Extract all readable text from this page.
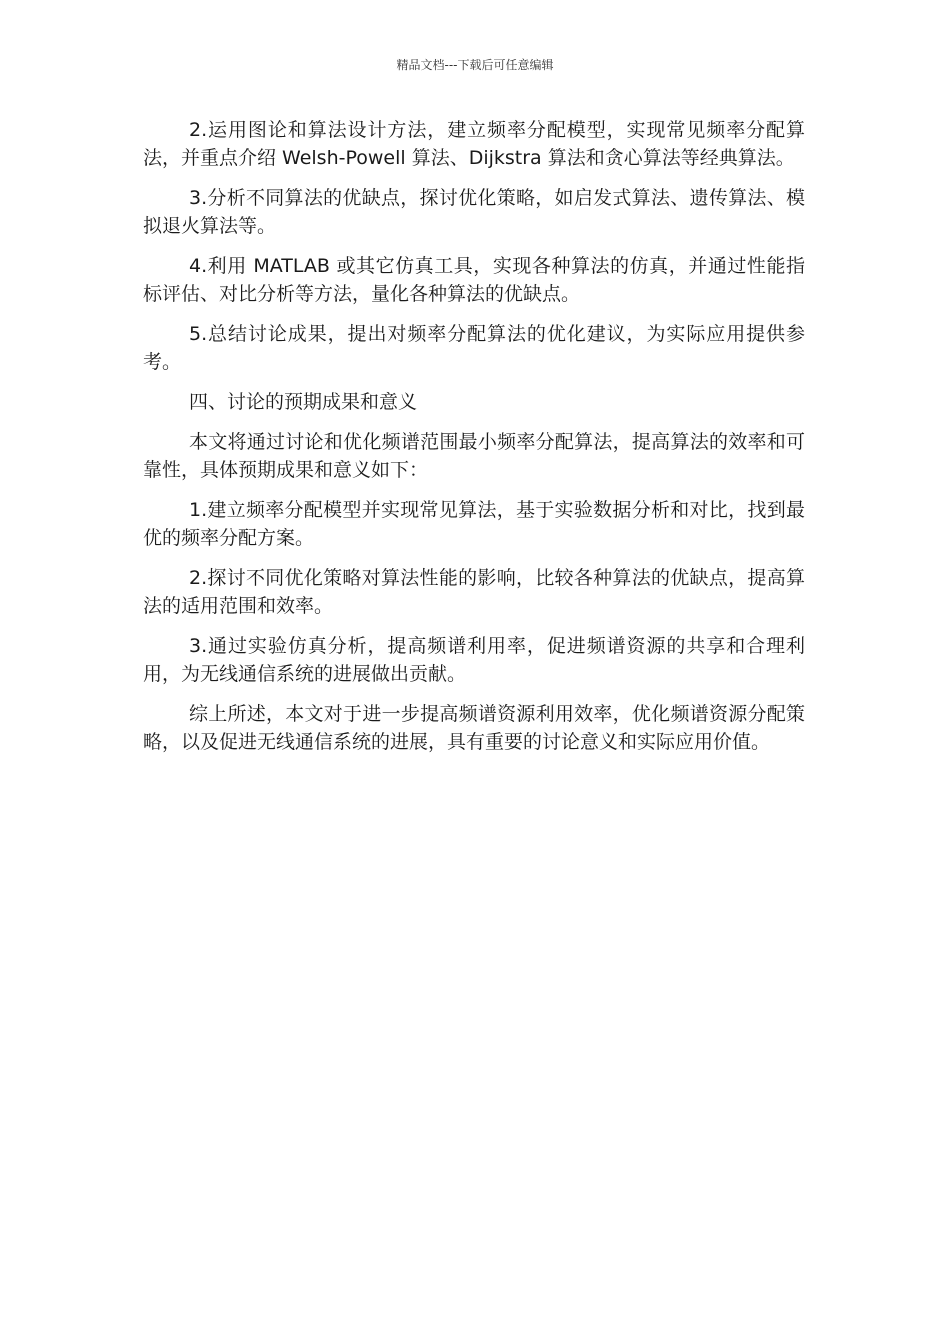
精品文档---下载后可任意编辑

2.运用图论和算法设计方法，建立频率分配模型，实现常见频率分配算法，并重点介绍 Welsh-Powell 算法、Dijkstra 算法和贪心算法等经典算法。

3.分析不同算法的优缺点，探讨优化策略，如启发式算法、遗传算法、模拟退火算法等。

4.利用 MATLAB 或其它仿真工具，实现各种算法的仿真，并通过性能指标评估、对比分析等方法，量化各种算法的优缺点。

5.总结讨论成果，提出对频率分配算法的优化建议，为实际应用提供参考。

四、讨论的预期成果和意义

本文将通过讨论和优化频谱范围最小频率分配算法，提高算法的效率和可靠性，具体预期成果和意义如下：

1.建立频率分配模型并实现常见算法，基于实验数据分析和对比，找到最优的频率分配方案。

2.探讨不同优化策略对算法性能的影响，比较各种算法的优缺点，提高算法的适用范围和效率。

3.通过实验仿真分析，提高频谱利用率，促进频谱资源的共享和合理利用，为无线通信系统的进展做出贡献。

综上所述，本文对于进一步提高频谱资源利用效率，优化频谱资源分配策略，以及促进无线通信系统的进展，具有重要的讨论意义和实际应用价值。
